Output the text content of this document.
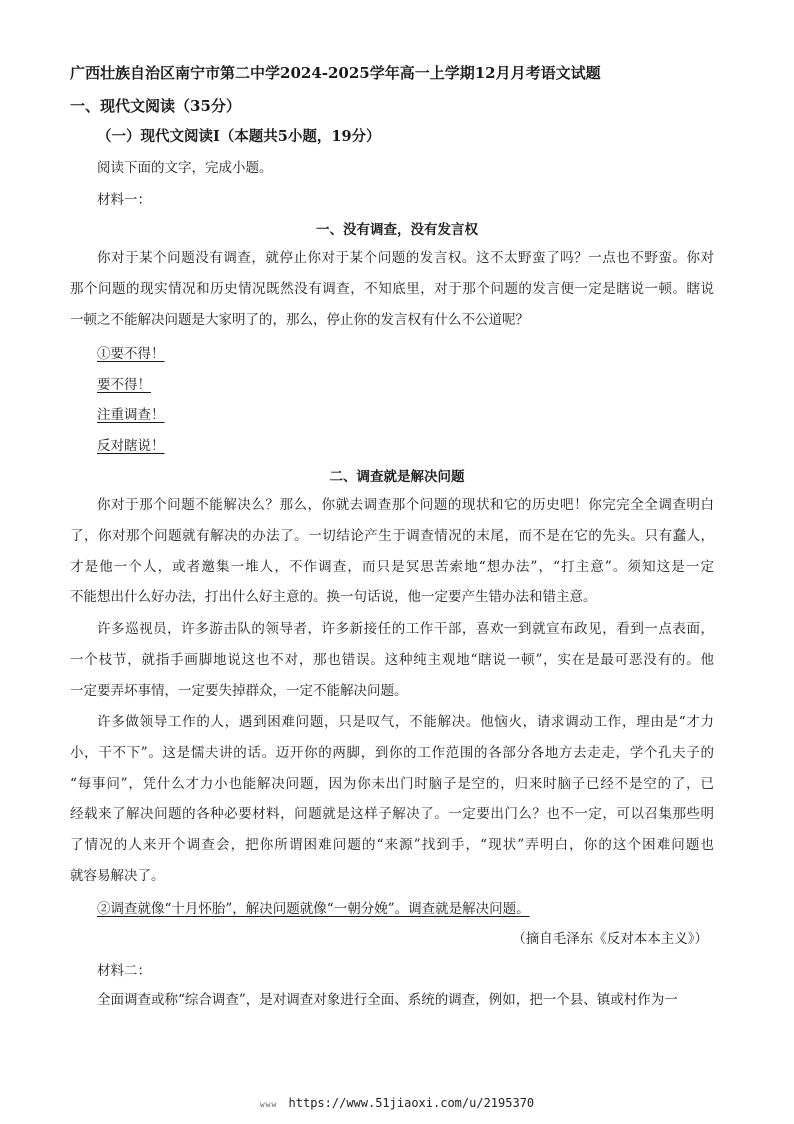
广西壮族自治区南宁市第二中学2024-2025学年高一上学期12月月考语文试题
一、现代文阅读（35分）
（一）现代文阅读Ⅰ（本题共5小题，19分）
阅读下面的文字，完成小题。
材料一：
一、没有调查，没有发言权
你对于某个问题没有调查，就停止你对于某个问题的发言权。这不太野蛮了吗？一点也不野蛮。你对
那个问题的现实情况和历史情况既然没有调查，不知底里，对于那个问题的发言便一定是瞎说一顿。瞎说
一顿之不能解决问题是大家明了的，那么，停止你的发言权有什么不公道呢？
①要不得！
要不得！
注重调查！
反对瞎说！
二、调查就是解决问题
你对于那个问题不能解决么？那么，你就去调查那个问题的现状和它的历史吧！你完完全全调查明白
了，你对那个问题就有解决的办法了。一切结论产生于调查情况的末尾，而不是在它的先头。只有蠢人，
才是他一个人，或者邀集一堆人，不作调查，而只是冥思苦索地“想办法”，“打主意”。须知这是一定
不能想出什么好办法，打出什么好主意的。换一句话说，他一定要产生错办法和错主意。
许多巡视员，许多游击队的领导者，许多新接任的工作干部，喜欢一到就宣布政见，看到一点表面，
一个枝节，就指手画脚地说这也不对，那也错误。这种纯主观地“瞎说一顿”，实在是最可恶没有的。他
一定要弄坏事情，一定要失掉群众，一定不能解决问题。
许多做领导工作的人，遇到困难问题，只是叹气，不能解决。他恼火，请求调动工作，理由是“才力
小，干不下”。这是懦夫讲的话。迈开你的两脚，到你的工作范围的各部分各地方去走走，学个孔夫子的
“每事问”，凭什么才力小也能解决问题，因为你未出门时脑子是空的，归来时脑子已经不是空的了，已
经载来了解决问题的各种必要材料，问题就是这样子解决了。一定要出门么？也不一定，可以召集那些明
了情况的人来开个调查会，把你所谓困难问题的“来源”找到手，“现状”弄明白，你的这个困难问题也
就容易解决了。
②调查就像“十月怀胎”，解决问题就像“一朝分娩”。调查就是解决问题。
（摘自毛泽东《反对本本主义》）
材料二：
全面调查或称“综合调查”，是对调查对象进行全面、系统的调查，例如，把一个县、镇或村作为一
www https://www.51jiaoxi.com/u/2195370
